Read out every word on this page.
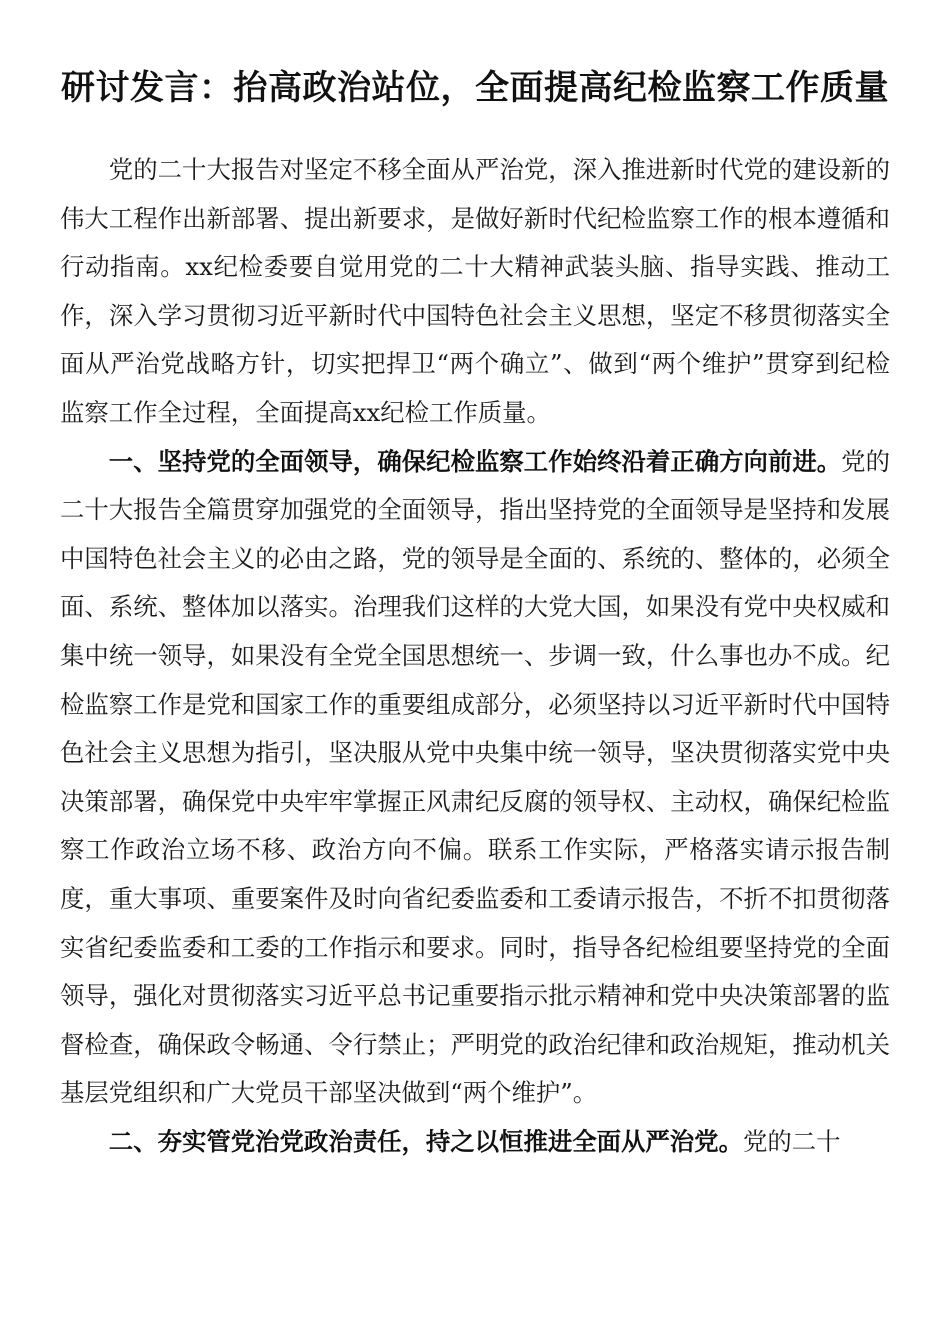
研讨发言：抬高政治站位，全面提高纪检监察工作质量

党的二十大报告对坚定不移全面从严治党，深入推进新时代党的建设新的伟大工程作出新部署、提出新要求，是做好新时代纪检监察工作的根本遵循和行动指南。xx纪检委要自觉用党的二十大精神武装头脑、指导实践、推动工作，深入学习贯彻习近平新时代中国特色社会主义思想，坚定不移贯彻落实全面从严治党战略方针，切实把捍卫“两个确立”、做到“两个维护”贯穿到纪检监察工作全过程，全面提高xx纪检工作质量。

一、坚持党的全面领导，确保纪检监察工作始终沿着正确方向前进。党的二十大报告全篇贯穿加强党的全面领导，指出坚持党的全面领导是坚持和发展中国特色社会主义的必由之路，党的领导是全面的、系统的、整体的，必须全面、系统、整体加以落实。治理我们这样的大党大国，如果没有党中央权威和集中统一领导，如果没有全党全国思想统一、步调一致，什么事也办不成。纪检监察工作是党和国家工作的重要组成部分，必须坚持以习近平新时代中国特色社会主义思想为指引，坚决服从党中央集中统一领导，坚决贯彻落实党中央决策部署，确保党中央牢牢掌握正风肃纪反腐的领导权、主动权，确保纪检监察工作政治立场不移、政治方向不偏。联系工作实际，严格落实请示报告制度，重大事项、重要案件及时向省纪委监委和工委请示报告，不折不扣贯彻落实省纪委监委和工委的工作指示和要求。同时，指导各纪检组要坚持党的全面领导，强化对贯彻落实习近平总书记重要指示批示精神和党中央决策部署的监督检查，确保政令畅通、令行禁止；严明党的政治纪律和政治规矩，推动机关基层党组织和广大党员干部坚决做到“两个维护”。

二、夯实管党治党政治责任，持之以恒推进全面从严治党。党的二十
